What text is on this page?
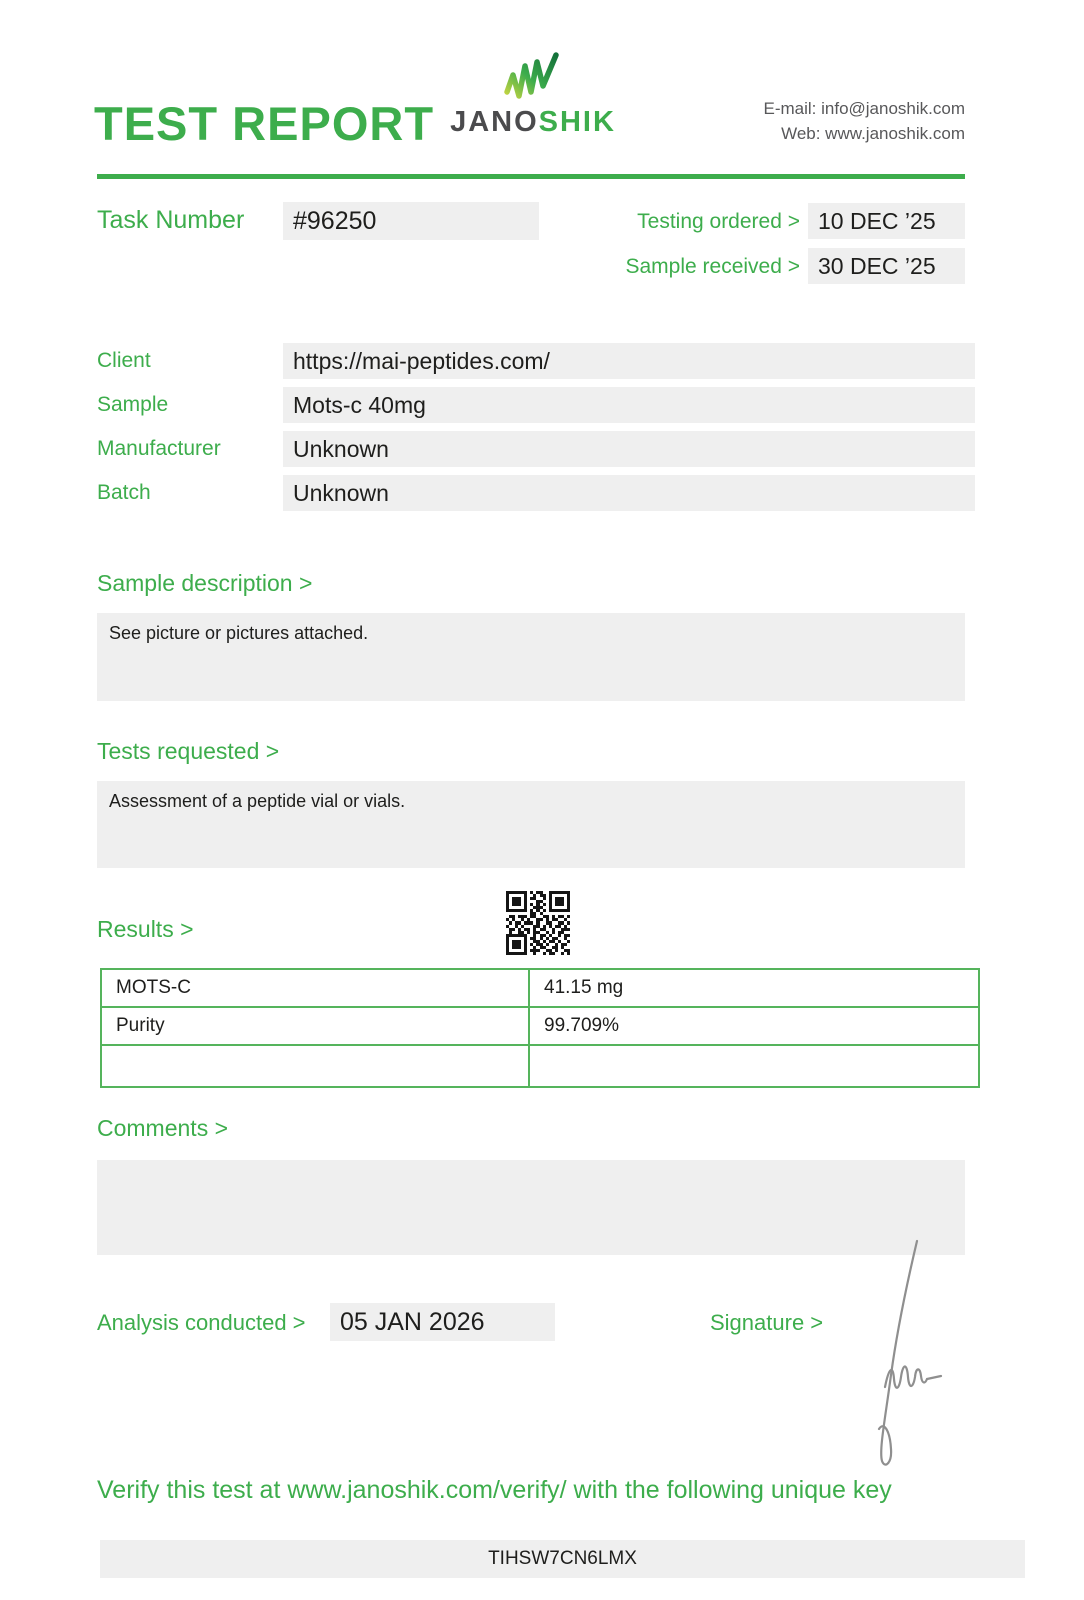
TEST REPORT JANOSHIK	E-mail: info@janoshik.com
Web: www.janoshik.com
Task Number	#96250	Testing ordered > 10 DEC ’25
Sample received > 30 DEC ’25
Client	https://mai-peptides.com/
Sample	Mots-c 40mg
Manufacturer	Unknown
Batch	Unknown
Sample description >
See picture or pictures attached.
Tests requested >
Assessment of a peptide vial or vials.
Results >
MOTS-C	41.15 mg
Purity	99.709%
Comments >
Analysis conducted >	05 JAN 2026	Signature >
Verify this test at www.janoshik.com/verify/ with the following unique key
TIHSW7CN6LMX
